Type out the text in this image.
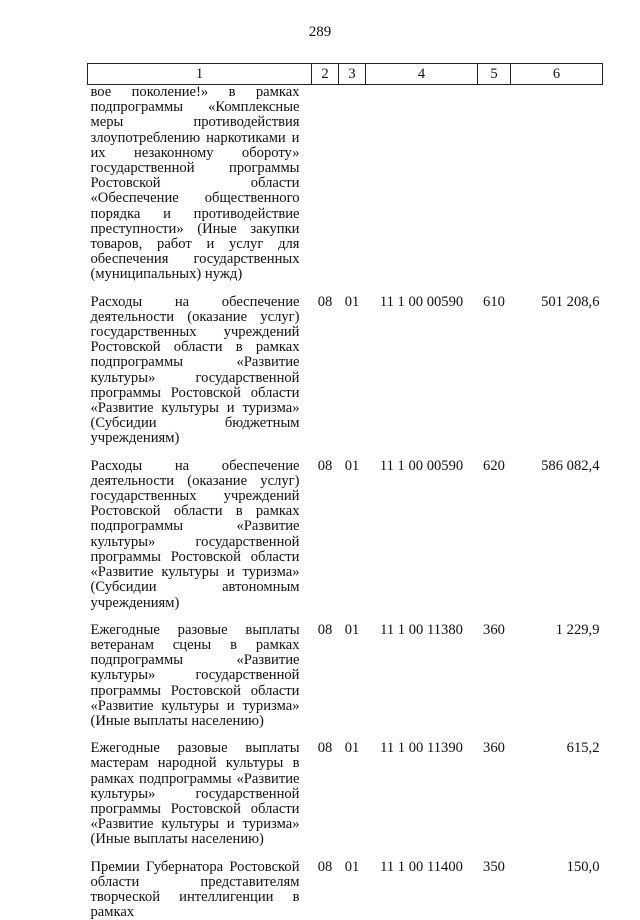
289
1	2	3	4	5	6
вое поколение!» в рамках подпрограммы «Комплексные меры противодействия злоупотреблению наркотиками и их незаконному обороту» государственной программы Ростовской области «Обеспечение общественного порядка и противодействие преступности» (Иные закупки товаров, работ и услуг для обеспечения государственных (муниципальных) нужд)					
Расходы на обеспечение деятельности (оказание услуг) государственных учреждений Ростовской области в рамках подпрограммы «Развитие культуры» государственной программы Ростовской области «Развитие культуры и туризма» (Субсидии бюджетным учреждениям)	08	01	11 1 00 00590	610	501 208,6
Расходы на обеспечение деятельности (оказание услуг) государственных учреждений Ростовской области в рамках подпрограммы «Развитие культуры» государственной программы Ростовской области «Развитие культуры и туризма» (Субсидии автономным учреждениям)	08	01	11 1 00 00590	620	586 082,4
Ежегодные разовые выплаты ветеранам сцены в рамках подпрограммы «Развитие культуры» государственной программы Ростовской области «Развитие культуры и туризма» (Иные выплаты населению)	08	01	11 1 00 11380	360	1 229,9
Ежегодные разовые выплаты мастерам народной культуры в рамках подпрограммы «Развитие культуры» государственной программы Ростовской области «Развитие культуры и туризма» (Иные выплаты населению)	08	01	11 1 00 11390	360	615,2
Премии Губернатора Ростовской области представителям творческой интеллигенции в рамках	08	01	11 1 00 11400	350	150,0
